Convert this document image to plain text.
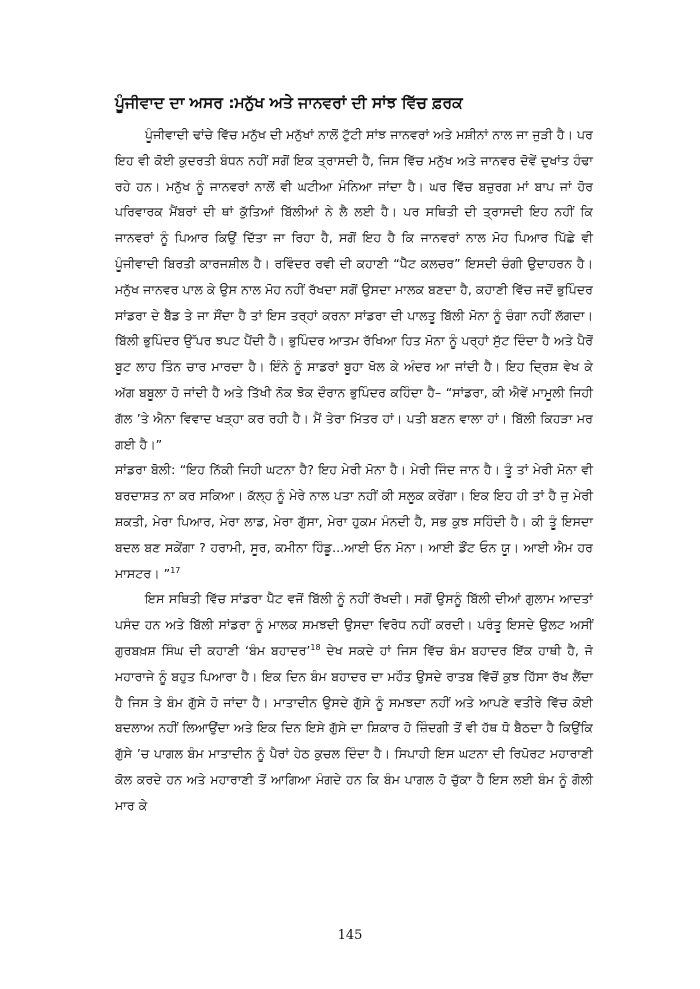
ਪੂੰਜੀਵਾਦ ਦਾ ਅਸਰ :ਮਨੁੱਖ ਅਤੇ ਜਾਨਵਰਾਂ ਦੀ ਸਾਂਝ ਵਿੱਚ ਫ਼ਰਕ

ਪੂੰਜੀਵਾਦੀ ਢਾਂਚੇ ਵਿੱਚ ਮਨੁੱਖ ਦੀ ਮਨੁੱਖਾਂ ਨਾਲੋਂ ਟੁੱਟੀ ਸਾਂਝ ਜਾਨਵਰਾਂ ਅਤੇ ਮਸ਼ੀਨਾਂ ਨਾਲ ਜਾ ਜੁੜੀ ਹੈ। ਪਰ ਇਹ ਵੀ ਕੋਈ ਕੁਦਰਤੀ ਬੰਧਨ ਨਹੀਂ ਸਗੋਂ ਇਕ ਤ੍ਰਾਸਦੀ ਹੈ, ਜਿਸ ਵਿੱਚ ਮਨੁੱਖ ਅਤੇ ਜਾਨਵਰ ਦੋਵੇਂ ਦੁਖਾਂਤ ਹੰਢਾ ਰਹੇ ਹਨ। ਮਨੁੱਖ ਨੂੰ ਜਾਨਵਰਾਂ ਨਾਲੋਂ ਵੀ ਘਟੀਆ ਮੰਨਿਆ ਜਾਂਦਾ ਹੈ। ਘਰ ਵਿੱਚ ਬਜ਼ੁਰਗ ਮਾਂ ਬਾਪ ਜਾਂ ਹੋਰ ਪਰਿਵਾਰਕ ਮੈਂਬਰਾਂ ਦੀ ਥਾਂ ਕੁੱਤਿਆਂ ਬਿੱਲੀਆਂ ਨੇ ਲੈ ਲਈ ਹੈ। ਪਰ ਸਥਿਤੀ ਦੀ ਤ੍ਰਾਸਦੀ ਇਹ ਨਹੀਂ ਕਿ ਜਾਨਵਰਾਂ ਨੂੰ ਪਿਆਰ ਕਿਉਂ ਦਿੱਤਾ ਜਾ ਰਿਹਾ ਹੈ, ਸਗੋਂ ਇਹ ਹੈ ਕਿ ਜਾਨਵਰਾਂ ਨਾਲ ਮੋਹ ਪਿਆਰ ਪਿੱਛੇ ਵੀ ਪੂੰਜੀਵਾਦੀ ਬਿਰਤੀ ਕਾਰਜਸ਼ੀਲ ਹੈ। ਰਵਿੰਦਰ ਰਵੀ ਦੀ ਕਹਾਣੀ “ਪੈੱਟ ਕਲਚਰ” ਇਸਦੀ ਚੰਗੀ ਉਦਾਹਰਨ ਹੈ। ਮਨੁੱਖ ਜਾਨਵਰ ਪਾਲ ਕੇ ਉਸ ਨਾਲ ਮੋਹ ਨਹੀਂ ਰੱਖਦਾ ਸਗੋਂ ਉਸਦਾ ਮਾਲਕ ਬਣਦਾ ਹੈ, ਕਹਾਣੀ ਵਿੱਚ ਜਦੋਂ ਭੁਪਿੰਦਰ ਸਾਂਡਰਾ ਦੇ ਬੈੱਡ ਤੇ ਜਾ ਸੌਂਦਾ ਹੈ ਤਾਂ ਇਸ ਤਰ੍ਹਾਂ ਕਰਨਾ ਸਾਂਡਰਾ ਦੀ ਪਾਲਤੂ ਬਿੱਲੀ ਮੋਨਾ ਨੂੰ ਚੰਗਾ ਨਹੀਂ ਲੱਗਦਾ। ਬਿੱਲੀ ਭੁਪਿੰਦਰ ਉੱਪਰ ਝਪਟ ਪੈਂਦੀ ਹੈ। ਭੁਪਿੰਦਰ ਆਤਮ ਰੱਖਿਆ ਹਿਤ ਮੋਨਾ ਨੂੰ ਪਰ੍ਹਾਂ ਸੁੱਟ ਦਿੰਦਾ ਹੈ ਅਤੇ ਪੈਰੋਂ ਬੂਟ ਲਾਹ ਤਿੰਨ ਚਾਰ ਮਾਰਦਾ ਹੈ। ਇੰਨੇ ਨੂੰ ਸਾਡਰਾਂ ਬੂਹਾ ਖੋਲ ਕੇ ਅੰਦਰ ਆ ਜਾਂਦੀ ਹੈ। ਇਹ ਦ੍ਰਿਸ਼ ਵੇਖ ਕੇ ਅੱਗ ਬਬੂਲਾ ਹੋ ਜਾਂਦੀ ਹੈ ਅਤੇ ਤਿੱਖੀ ਨੋਕ ਝੋਕ ਦੌਰਾਨ ਭੁਪਿੰਦਰ ਕਹਿੰਦਾ ਹੈ– “ਸਾਂਡਰਾ, ਕੀ ਐਵੇਂ ਮਾਮੂਲੀ ਜਿਹੀ ਗੱਲ ’ਤੇ ਐਨਾ ਵਿਵਾਦ ਖੜ੍ਹਾ ਕਰ ਰਹੀ ਹੈ। ਮੈਂ ਤੇਰਾ ਮਿੱਤਰ ਹਾਂ। ਪਤੀ ਬਣਨ ਵਾਲਾ ਹਾਂ। ਬਿੱਲੀ ਕਿਹੜਾ ਮਰ ਗਈ ਹੈ।”

ਸਾਂਡਰਾ ਬੋਲੀ: “ਇਹ ਨਿੱਕੀ ਜਿਹੀ ਘਟਨਾ ਹੈ? ਇਹ ਮੇਰੀ ਮੋਨਾ ਹੈ। ਮੇਰੀ ਜਿੰਦ ਜਾਨ ਹੈ। ਤੂੰ ਤਾਂ ਮੇਰੀ ਮੋਨਾ ਵੀ ਬਰਦਾਸ਼ਤ ਨਾ ਕਰ ਸਕਿਆ। ਕੱਲ੍ਹ ਨੂੰ ਮੇਰੇ ਨਾਲ ਪਤਾ ਨਹੀਂ ਕੀ ਸਲੂਕ ਕਰੇਂਗਾ। ਇਕ ਇਹ ਹੀ ਤਾਂ ਹੈ ਜੁ ਮੇਰੀ ਸ਼ਕਤੀ, ਮੇਰਾ ਪਿਆਰ, ਮੇਰਾ ਲਾਡ, ਮੇਰਾ ਗੁੱਸਾ, ਮੇਰਾ ਹੁਕਮ ਮੰਨਦੀ ਹੈ, ਸਭ ਕੁਝ ਸਹਿੰਦੀ ਹੈ। ਕੀ ਤੂੰ ਇਸਦਾ ਬਦਲ ਬਣ ਸਕੇਂਗਾ ? ਹਰਾਮੀ, ਸੂਰ, ਕਮੀਨਾ ਹਿੰਡੂ...ਆਈ ਓਨ ਮੋਨਾ। ਆਈ ਡੌਂਟ ਓਨ ਯੂ। ਆਈ ਐਮ ਹਰ ਮਾਸਟਰ। ”$^{17}$

ਇਸ ਸਥਿਤੀ ਵਿੱਚ ਸਾਂਡਰਾ ਪੈੱਟ ਵਜੋਂ ਬਿੱਲੀ ਨੂੰ ਨਹੀਂ ਰੱਖਦੀ। ਸਗੋਂ ਉਸਨੂੰ ਬਿੱਲੀ ਦੀਆਂ ਗੁਲਾਮ ਆਦਤਾਂ ਪਸੰਦ ਹਨ ਅਤੇ ਬਿੱਲੀ ਸਾਂਡਰਾ ਨੂੰ ਮਾਲਕ ਸਮਝਦੀ ਉਸਦਾ ਵਿਰੋਧ ਨਹੀਂ ਕਰਦੀ। ਪਰੰਤੂ ਇਸਦੇ ਉਲਟ ਅਸੀਂ ਗੁਰਬਖ਼ਸ਼ ਸਿੰਘ ਦੀ ਕਹਾਣੀ ‘ਬੰਮ ਬਹਾਦਰ’$^{18}$ ਦੇਖ ਸਕਦੇ ਹਾਂ ਜਿਸ ਵਿੱਚ ਬੰਮ ਬਹਾਦਰ ਇੱਕ ਹਾਥੀ ਹੈ, ਜੋ ਮਹਾਰਾਜੇ ਨੂੰ ਬਹੁਤ ਪਿਆਰਾ ਹੈ। ਇਕ ਦਿਨ ਬੰਮ ਬਹਾਦਰ ਦਾ ਮਹੌਤ ਉਸਦੇ ਰਾਤਬ ਵਿੱਚੋਂ ਕੁਝ ਹਿੱਸਾ ਰੱਖ ਲੈਂਦਾ ਹੈ ਜਿਸ ਤੇ ਬੰਮ ਗੁੱਸੇ ਹੋ ਜਾਂਦਾ ਹੈ। ਮਾਤਾਦੀਨ ਉਸਦੇ ਗੁੱਸੇ ਨੂੰ ਸਮਝਦਾ ਨਹੀਂ ਅਤੇ ਆਪਣੇ ਵਤੀਰੇ ਵਿੱਚ ਕੋਈ ਬਦਲਾਅ ਨਹੀਂ ਲਿਆਉਂਦਾ ਅਤੇ ਇਕ ਦਿਨ ਇਸੇ ਗੁੱਸੇ ਦਾ ਸ਼ਿਕਾਰ ਹੋ ਜ਼ਿੰਦਗੀ ਤੋਂ ਵੀ ਹੱਥ ਧੋ ਬੈਠਦਾ ਹੈ ਕਿਉਂਕਿ ਗੁੱਸੇ ’ਚ ਪਾਗਲ ਬੰਮ ਮਾਤਾਦੀਨ ਨੂੰ ਪੈਰਾਂ ਹੇਠ ਕੁਚਲ ਦਿੰਦਾ ਹੈ। ਸਿਪਾਹੀ ਇਸ ਘਟਨਾ ਦੀ ਰਿਪੋਰਟ ਮਹਾਰਾਣੀ ਕੋਲ ਕਰਦੇ ਹਨ ਅਤੇ ਮਹਾਰਾਣੀ ਤੋਂ ਆਗਿਆ ਮੰਗਦੇ ਹਨ ਕਿ ਬੰਮ ਪਾਗਲ ਹੋ ਚੁੱਕਾ ਹੈ ਇਸ ਲਈ ਬੰਮ ਨੂੰ ਗੋਲੀ ਮਾਰ ਕੇ

145
